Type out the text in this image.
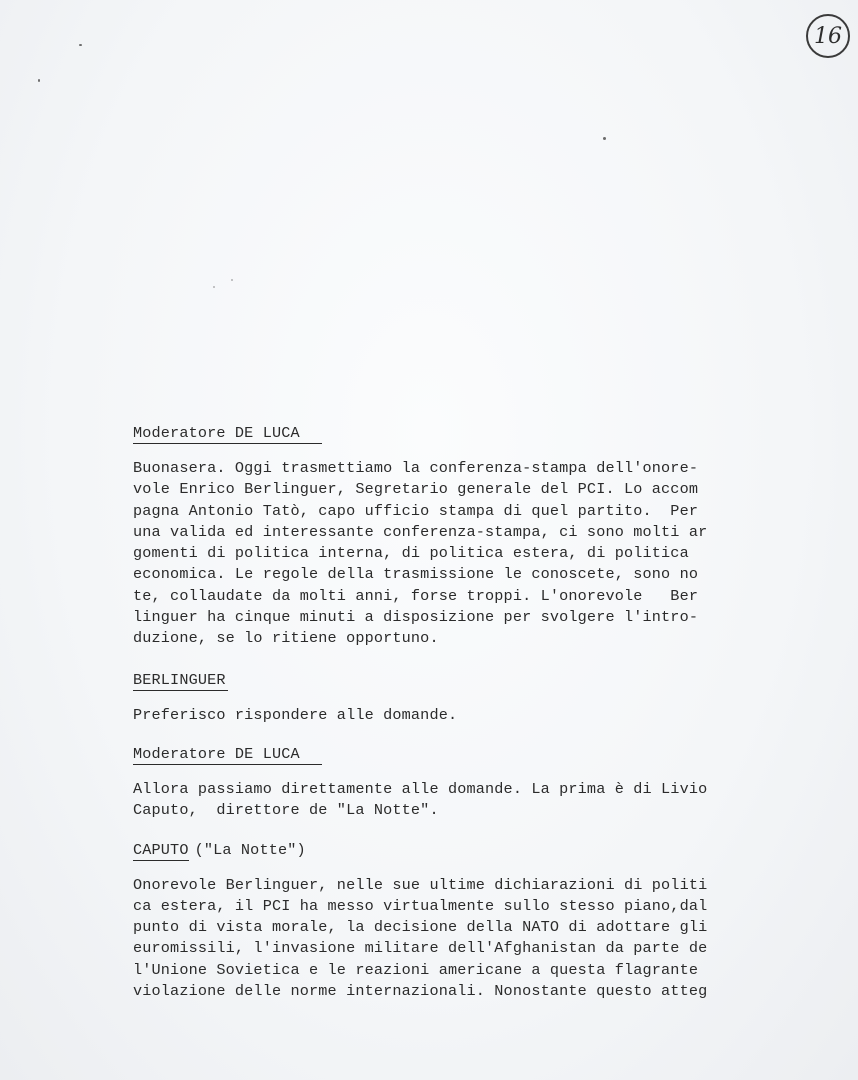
16
Moderatore DE LUCA
Buonasera. Oggi trasmettiamo la conferenza-stampa dell'onore-
vole Enrico Berlinguer, Segretario generale del PCI. Lo accom
pagna Antonio Tatò, capo ufficio stampa di quel partito.  Per
una valida ed interessante conferenza-stampa, ci sono molti ar
gomenti di politica interna, di politica estera, di politica
economica. Le regole della trasmissione le conoscete, sono no
te, collaudate da molti anni, forse troppi. L'onorevole   Ber
linguer ha cinque minuti a disposizione per svolgere l'intro-
duzione, se lo ritiene opportuno.
BERLINGUER
Preferisco rispondere alle domande.
Moderatore DE LUCA
Allora passiamo direttamente alle domande. La prima è di Livio
Caputo,  direttore de "La Notte".
CAPUTO ("La Notte")
Onorevole Berlinguer, nelle sue ultime dichiarazioni di politi
ca estera, il PCI ha messo virtualmente sullo stesso piano,dal
punto di vista morale, la decisione della NATO di adottare gli
euromissili, l'invasione militare dell'Afghanistan da parte de
l'Unione Sovietica e le reazioni americane a questa flagrante
violazione delle norme internazionali. Nonostante questo atteg
